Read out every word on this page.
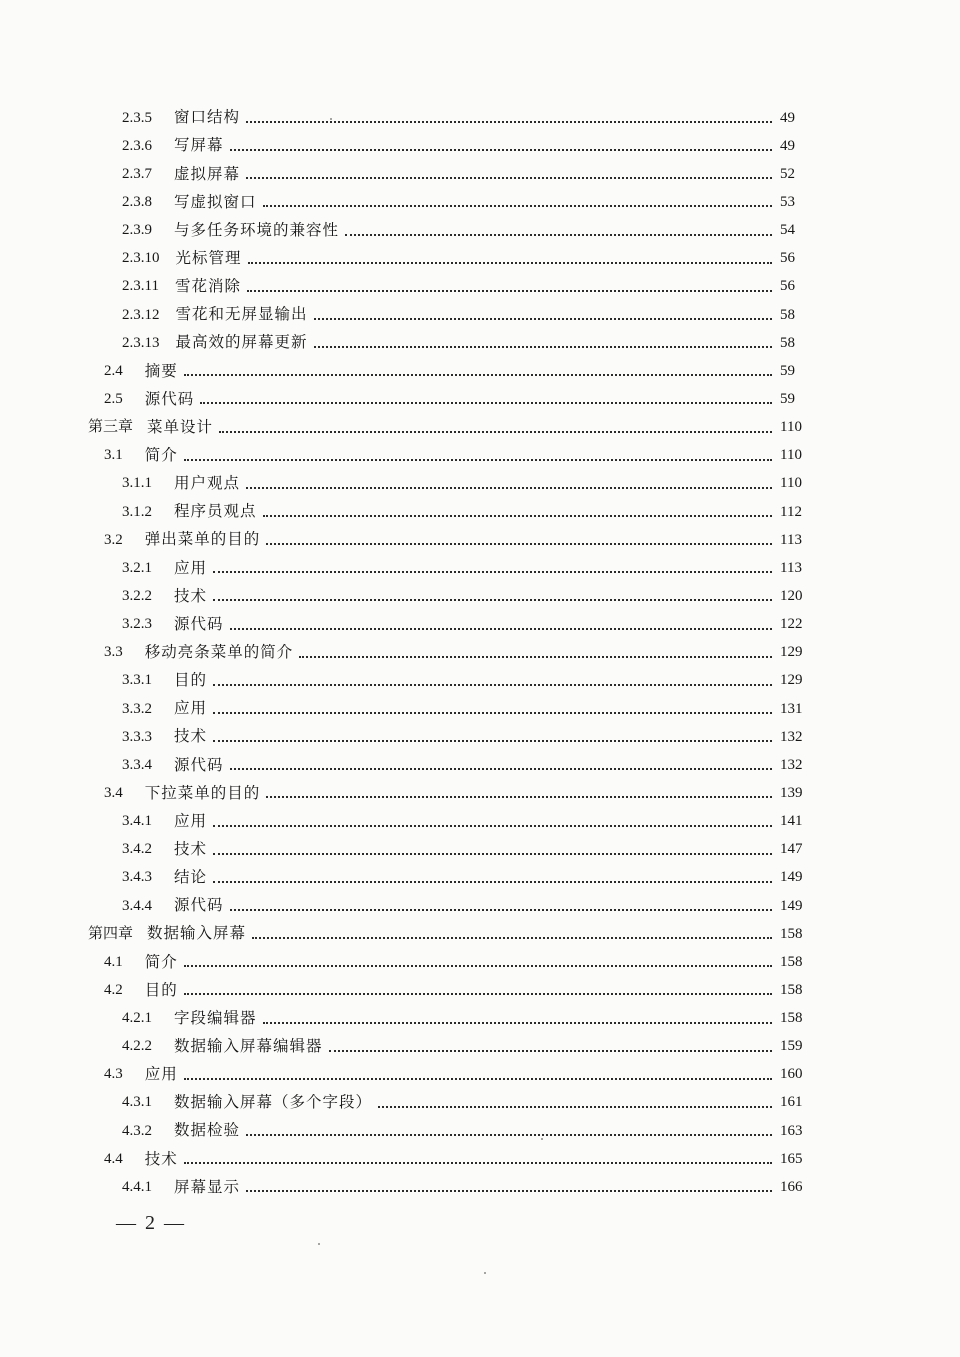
2.3.5 窗口结构	49
2.3.6 写屏幕	49
2.3.7 虚拟屏幕	52
2.3.8 写虚拟窗口	53
2.3.9 与多任务环境的兼容性	54
2.3.10 光标管理	56
2.3.11 雪花消除	56
2.3.12 雪花和无屏显输出	58
2.3.13 最高效的屏幕更新	58
2.4 摘要	59
2.5 源代码	59
第三章 菜单设计	110
3.1 简介	110
3.1.1 用户观点	110
3.1.2 程序员观点	112
3.2 弹出菜单的目的	113
3.2.1 应用	113
3.2.2 技术	120
3.2.3 源代码	122
3.3 移动亮条菜单的简介	129
3.3.1 目的	129
3.3.2 应用	131
3.3.3 技术	132
3.3.4 源代码	132
3.4 下拉菜单的目的	139
3.4.1 应用	141
3.4.2 技术	147
3.4.3 结论	149
3.4.4 源代码	149
第四章 数据输入屏幕	158
4.1 简介	158
4.2 目的	158
4.2.1 字段编辑器	158
4.2.2 数据输入屏幕编辑器	159
4.3 应用	160
4.3.1 数据输入屏幕（多个字段）	161
4.3.2 数据检验	163
4.4 技术	165
4.4.1 屏幕显示	166
— 2 —
